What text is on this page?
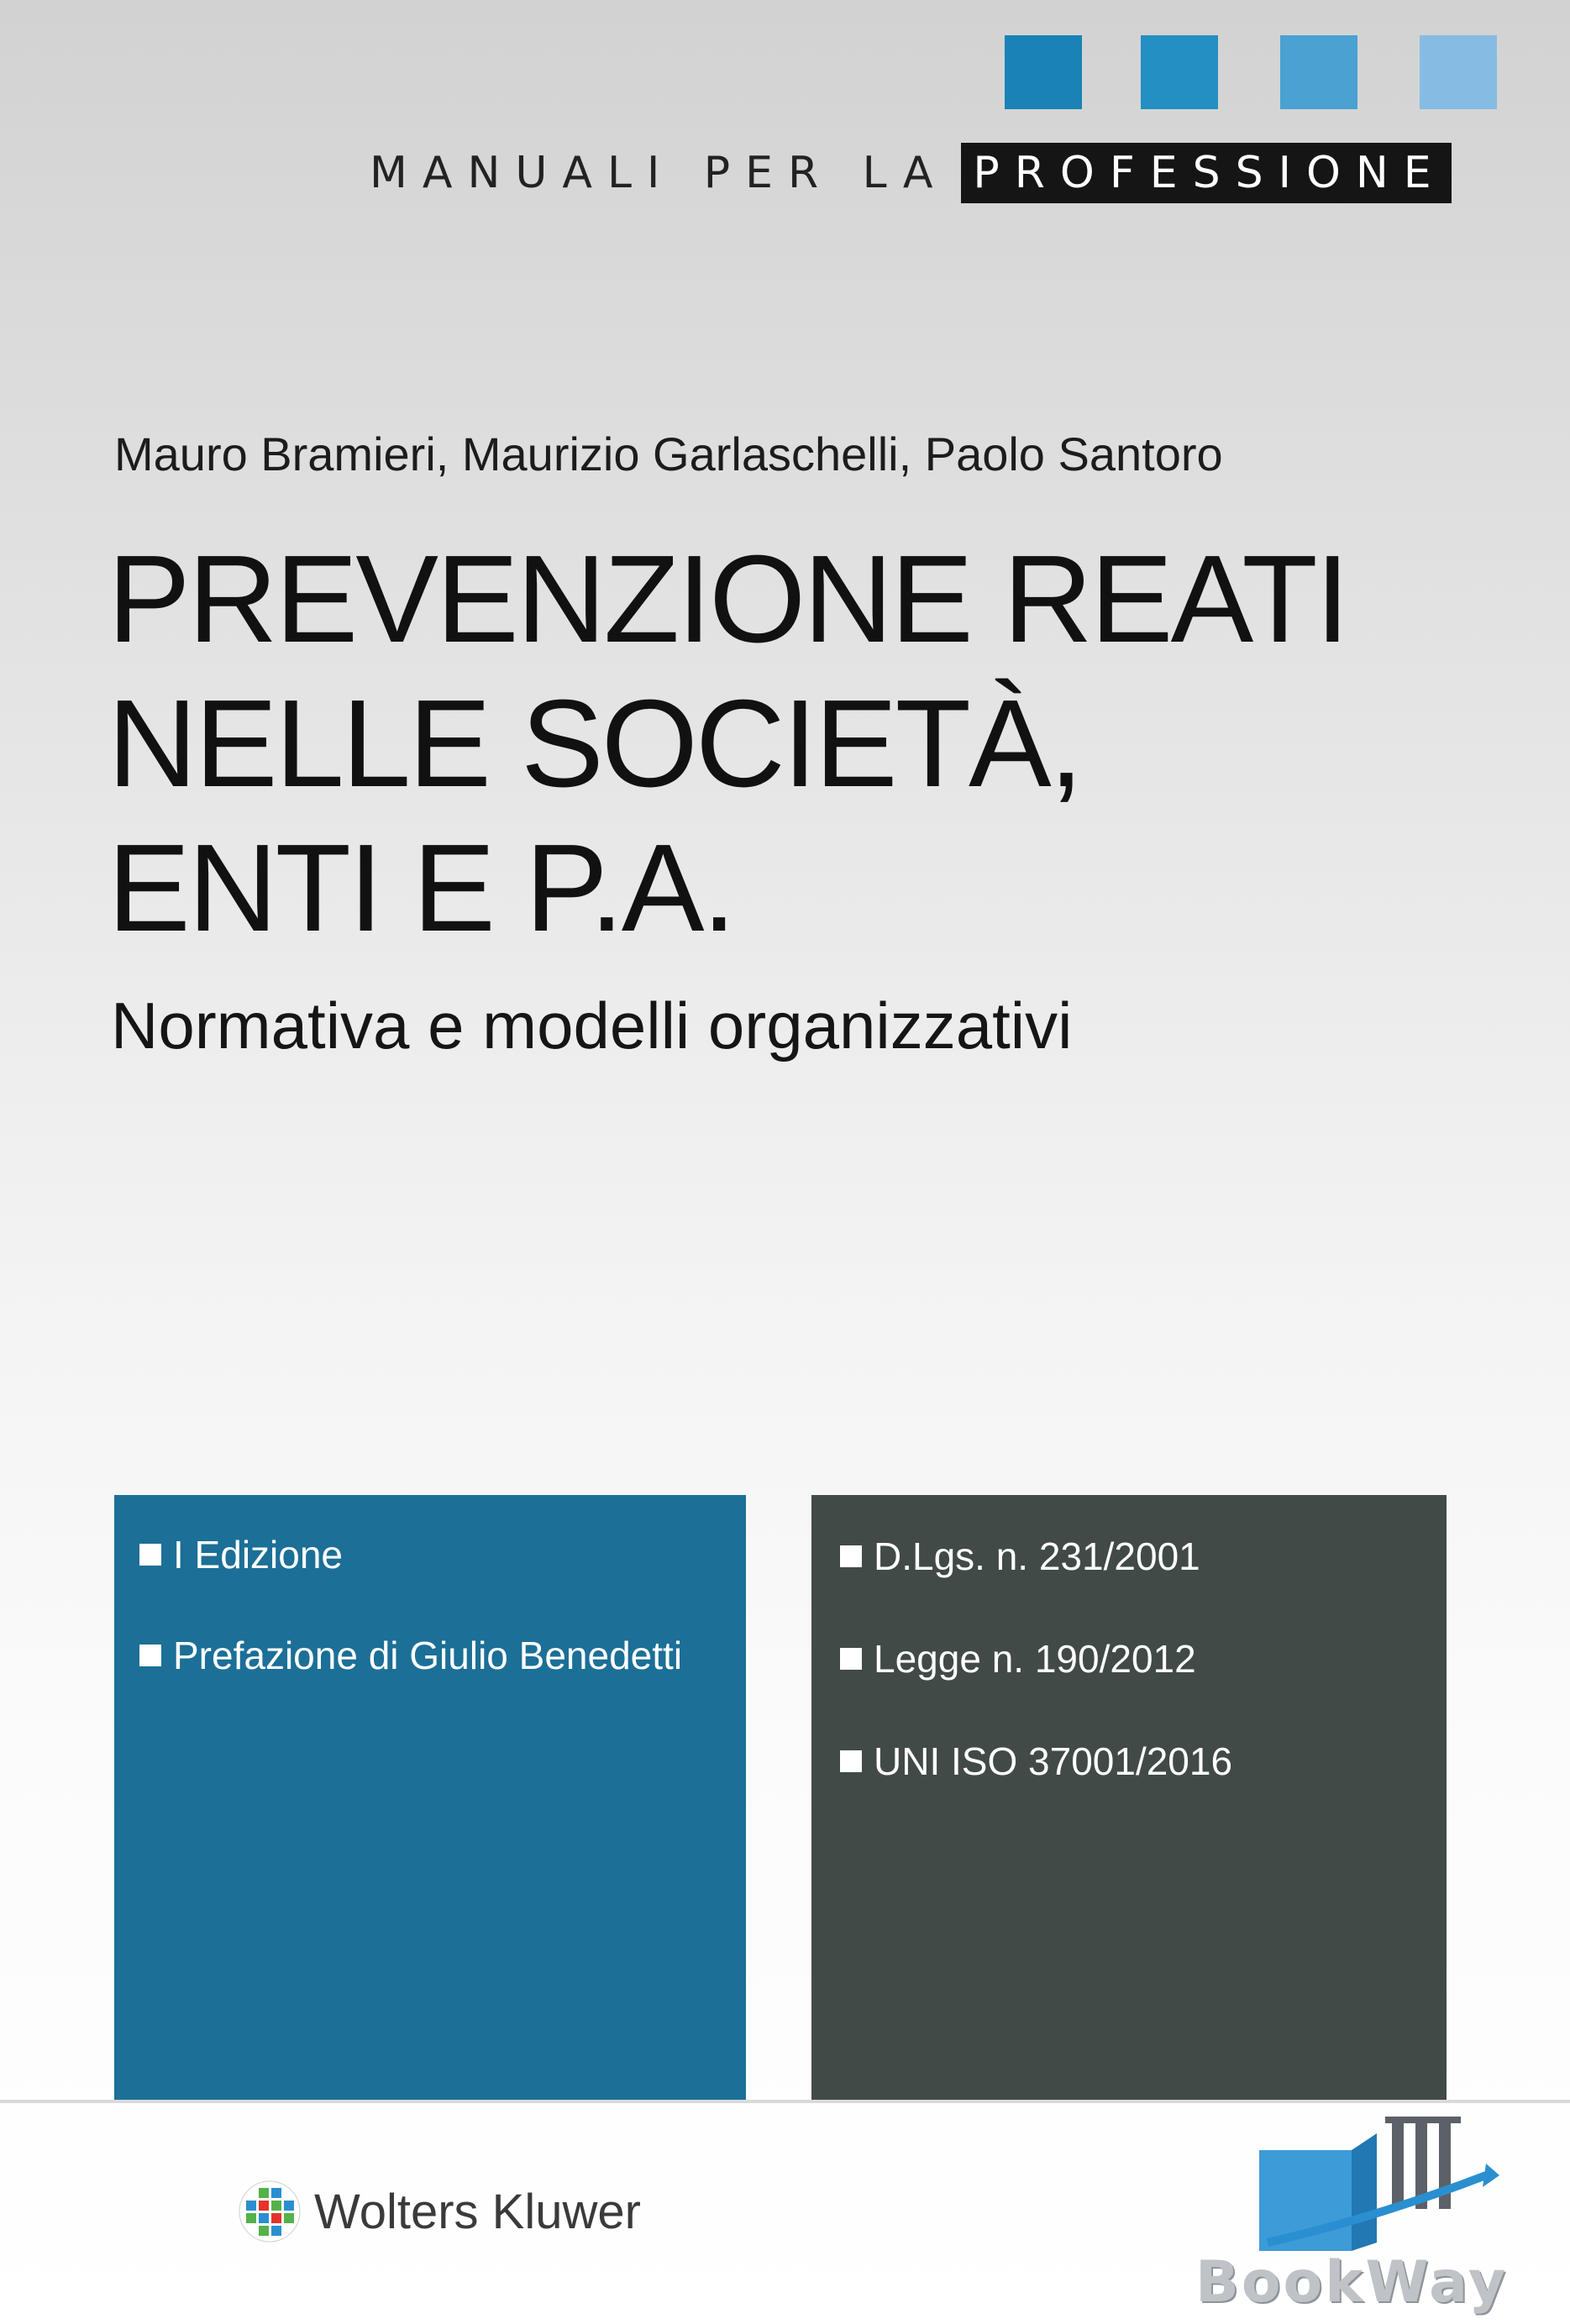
MANUALI PER LA PROFESSIONE
Mauro Bramieri, Maurizio Garlaschelli, Paolo Santoro
PREVENZIONE REATI
NELLE SOCIETÀ,
ENTI E P.A.
Normativa e modelli organizzativi
I Edizione
Prefazione di Giulio Benedetti
D.Lgs. n. 231/2001
Legge n. 190/2012
UNI ISO 37001/2016
Wolters Kluwer
BookWay
